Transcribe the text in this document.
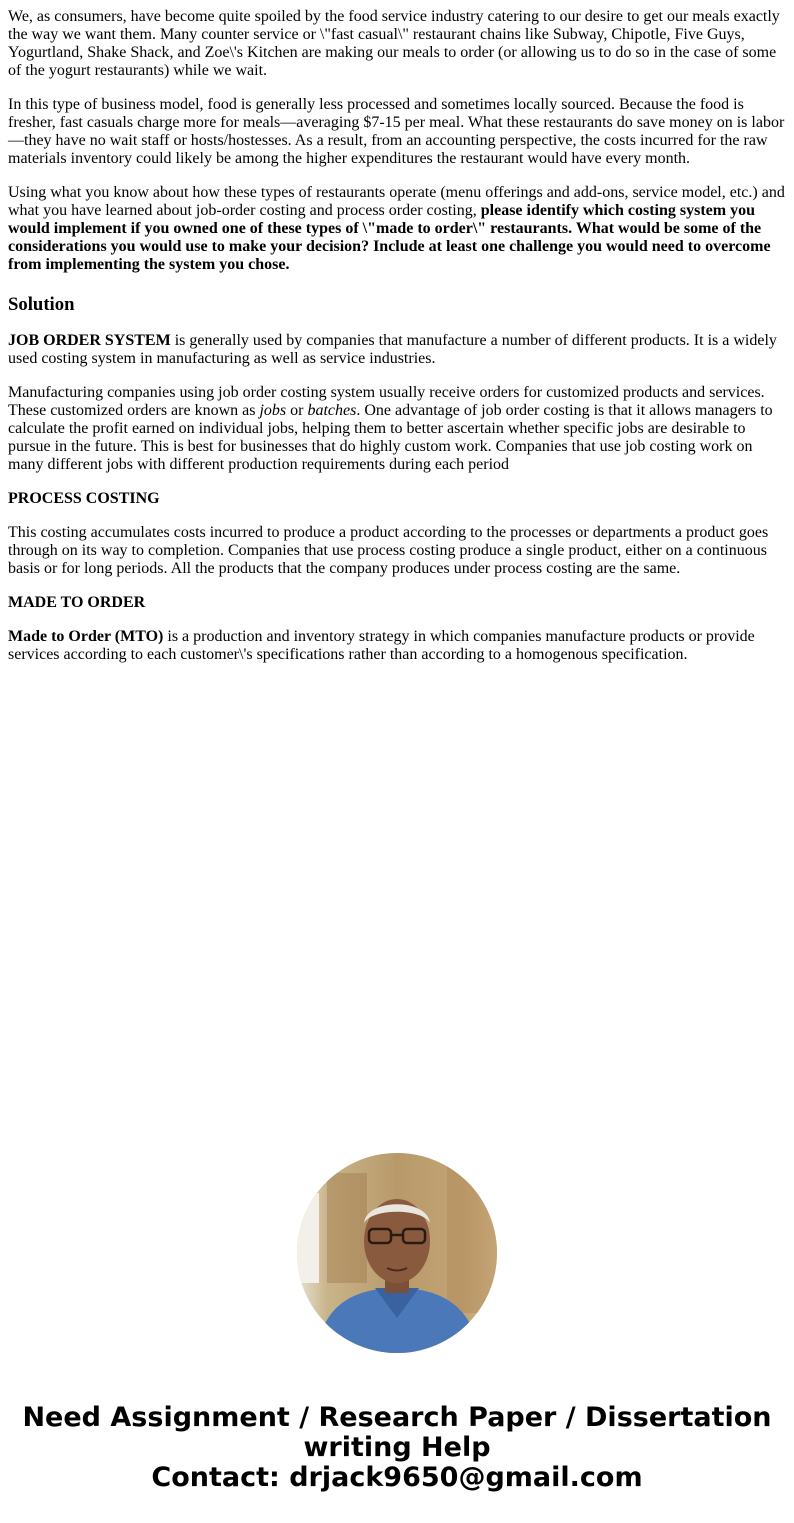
We, as consumers, have become quite spoiled by the food service industry catering to our desire to get our meals exactly the way we want them. Many counter service or \"fast casual\" restaurant chains like Subway, Chipotle, Five Guys, Yogurtland, Shake Shack, and Zoe\'s Kitchen are making our meals to order (or allowing us to do so in the case of some of the yogurt restaurants) while we wait.

In this type of business model, food is generally less processed and sometimes locally sourced. Because the food is fresher, fast casuals charge more for meals—averaging $7-15 per meal. What these restaurants do save money on is labor—they have no wait staff or hosts/hostesses. As a result, from an accounting perspective, the costs incurred for the raw materials inventory could likely be among the higher expenditures the restaurant would have every month.

Using what you know about how these types of restaurants operate (menu offerings and add-ons, service model, etc.) and what you have learned about job-order costing and process order costing, please identify which costing system you would implement if you owned one of these types of \"made to order\" restaurants. What would be some of the considerations you would use to make your decision? Include at least one challenge you would need to overcome from implementing the system you chose.

Solution

JOB ORDER SYSTEM is generally used by companies that manufacture a number of different products. It is a widely used costing system in manufacturing as well as service industries.

Manufacturing companies using job order costing system usually receive orders for customized products and services. These customized orders are known as jobs or batches. One advantage of job order costing is that it allows managers to calculate the profit earned on individual jobs, helping them to better ascertain whether specific jobs are desirable to pursue in the future. This is best for businesses that do highly custom work. Companies that use job costing work on many different jobs with different production requirements during each period

PROCESS COSTING

This costing accumulates costs incurred to produce a product according to the processes or departments a product goes through on its way to completion. Companies that use process costing produce a single product, either on a continuous basis or for long periods. All the products that the company produces under process costing are the same.

MADE TO ORDER

Made to Order (MTO) is a production and inventory strategy in which companies manufacture products or provide services according to each customer\'s specifications rather than according to a homogenous specification.

Need Assignment / Research Paper / Dissertation
writing Help
Contact: drjack9650@gmail.com
